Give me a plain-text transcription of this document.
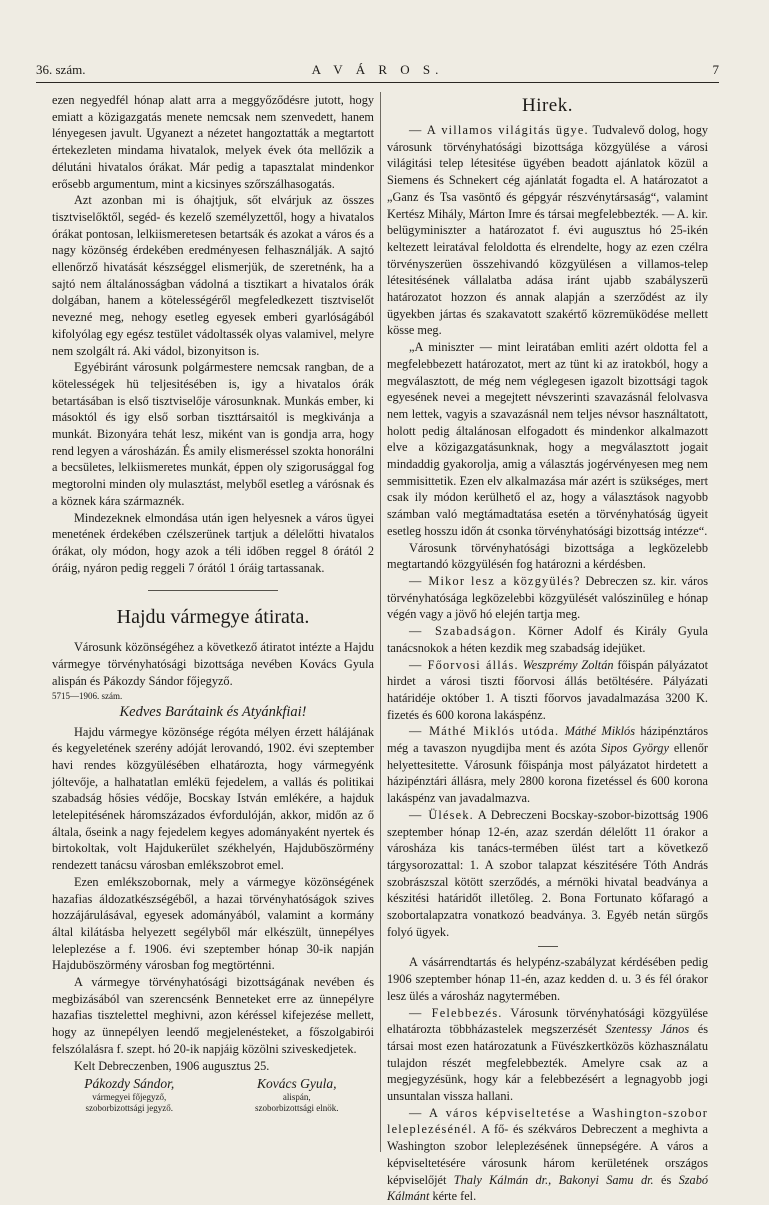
36. szám.	A V Á R O S.	7

ezen negyedfél hónap alatt arra a meggyőződésre jutott, hogy emiatt a közigazgatás menete nemcsak nem szenvedett, hanem lényegesen javult. Ugyanezt a nézetet hangoztatták a megtartott értekezleten mindama hivatalok, melyek évek óta mellőzik a délutáni hivatalos órákat. Már pedig a tapasztalat mindenkor erősebb argumentum, mint a kicsinyes szőrszálhasogatás.

Azt azonban mi is óhajtjuk, sőt elvárjuk az összes tisztviselőktől, segéd- és kezelő személyzettől, hogy a hivatalos órákat pontosan, lelkiismeretesen betartsák és azokat a város és a nagy közönség érdekében eredményesen felhasználják. A sajtó ellenőrző hivatását készséggel elismerjük, de szeretnénk, ha a sajtó nem általánosságban vádolná a tisztikart a hivatalos órák dolgában, hanem a kötelességéről megfeledkezett tisztviselőt nevezné meg, nehogy esetleg egyesek emberi gyarlóságából kifolyólag egy egész testület vádoltassék olyas valamivel, melyre nem szolgált rá. Aki vádol, bizonyitson is.

Egyébiránt városunk polgármestere nemcsak rangban, de a kötelességek hü teljesitésében is, igy a hivatalos órák betartásában is első tisztviselője városunknak. Munkás ember, ki másoktól és igy első sorban tiszttársaitól is megkivánja a munkát. Bizonyára tehát lesz, miként van is gondja arra, hogy rend legyen a városházán. És amily elismeréssel szokta honorálni a becsületes, lelkiismeretes munkát, éppen oly szigorusággal fog megtorolni minden oly mulasztást, melyből esetleg a várósnak és a köznek kára származnék.

Mindezeknek elmondása után igen helyesnek a város ügyei menetének érdekében czélszerünek tartjuk a délelőtti hivatalos órákat, oly módon, hogy azok a téli időben reggel 8 órától 2 óráig, nyáron pedig reggeli 7 órától 1 óráig tartassanak.

Hajdu vármegye átirata.

Városunk közönségéhez a következő átiratot intézte a Hajdu vármegye törvényhatósági bizottsága nevében Kovács Gyula alispán és Pákozdy Sándor főjegyző.

5715—1906. szám.

Kedves Barátaink és Atyánkfiai!

Hajdu vármegye közönsége régóta mélyen érzett hálájának és kegyeletének szerény adóját lerovandó, 1902. évi szeptember havi rendes közgyülésében elhatározta, hogy vármegyénk jóltevője, a halhatatlan emlékü fejedelem, a vallás és politikai szabadság hősies védője, Bocskay István emlékére, a hajduk letelepitésének háromszázados évfordulóján, akkor, midőn az ő általa, őseink a nagy fejedelem kegyes adományaként nyertek és birtokoltak, volt Hajdukerület székhelyén, Hajduböszörmény rendezett tanácsu városban emlékszobrot emel.

Ezen emlékszobornak, mely a vármegye közönségének hazafias áldozatkészségéből, a hazai törvényhatóságok szives hozzájárulásával, egyesek adományából, valamint a kormány által kilátásba helyezett segélyből már elkészült, ünnepélyes leleplezése a f. 1906. évi szeptember hónap 30-ik napján Hajduböszörmény városban fog megtörténni.

A vármegye törvényhatósági bizottságának nevében és megbizásából van szerencsénk Benneteket erre az ünnepélyre hazafias tisztelettel meghivni, azon kéréssel kifejezése mellett, hogy az ünnepélyen leendő megjelenésteket, a főszolgabirói felszólalásra f. szept. hó 20-ik napjáig közölni sziveskedjetek.

Kelt Debreczenben, 1906 augusztus 25.

Pákozdy Sándor,
vármegyei főjegyző,
szoborbizottsági jegyző.
Kovács Gyula,
alispán,
szoborbizottsági elnök.
Hirek.

— A villamos világitás ügye. Tudvalevő dolog, hogy városunk törvényhatósági bizottsága közgyülése a városi világitási telep létesitése ügyében beadott ajánlatok közül a Siemens és Schnekert cég ajánlatát fogadta el. A határozatot a „Ganz és Tsa vasöntő és gépgyár részvénytársaság“, valamint Kertész Mihály, Márton Imre és társai megfelebbezték. — A. kir. belügyminiszter a határozatot f. évi augusztus hó 25-ikén keltezett leiratával feloldotta és elrendelte, hogy az ezen czélra törvényszerüen összehivandó közgyülésen a villamos-telep létesitésének vállalatba adása iránt ujabb szabályszerü határozatot hozzon és annak alapján a szerződést az ily ügyekben jártas és szakavatott szakértő közremüködése mellett kösse meg.

„A miniszter — mint leiratában emliti azért oldotta fel a megfelebbezett határozatot, mert az tünt ki az iratokból, hogy a megválasztott, de még nem véglegesen igazolt bizottsági tagok egyesének nevei a megejtett névszerinti szavazásnál felolvasva nem lettek, vagyis a szavazásnál nem teljes névsor használtatott, holott pedig általánosan elfogadott és mindenkor alkalmazott elve a közigazgatásunknak, hogy a megválasztott jogait mindaddig gyakorolja, amig a választás jogérvényesen meg nem semmisittetik. Ezen elv alkalmazása már azért is szükséges, mert csak ily módon kerülhető el az, hogy a választások nagyobb számban való megtámadtatása esetén a törvényhatóság ügyeit esetleg hosszu időn át csonka törvényhatósági bizottság intézze“.

Városunk törvényhatósági bizottsága a legközelebb megtartandó közgyülésén fog határozni a kérdésben.

— Mikor lesz a közgyülés? Debreczen sz. kir. város törvényhatósága legközelebbi közgyülését valószinüleg e hónap végén vagy a jövő hó elején tartja meg.

— Szabadságon. Körner Adolf és Király Gyula tanácsnokok a héten kezdik meg szabadság idejüket.

— Főorvosi állás. Weszprémy Zoltán főispán pályázatot hirdet a városi tiszti főorvosi állás betöltésére. Pályázati határidéje október 1. A tiszti főorvos javadalmazása 3200 K. fizetés és 600 korona lakáspénz.

— Máthé Miklós utóda. Máthé Miklós házipénztáros még a tavaszon nyugdijba ment és azóta Sipos György ellenőr helyettesitette. Városunk főispánja most pályázatot hirdetett a házipénztári állásra, mely 2800 korona fizetéssel és 600 korona lakáspénz van javadalmazva.

— Ülések. A Debreczeni Bocskay-szobor-bizottság 1906 szeptember hónap 12-én, azaz szerdán délelőtt 11 órakor a városháza kis tanács-termében ülést tart a következő tárgysorozattal: 1. A szobor talapzat készitésére Tóth András szobrászszal kötött szerződés, a mérnöki hivatal beadványa a készitési határidőt illetőleg. 2. Bona Fortunato kőfaragó a szobortalapzatra vonatkozó beadványa. 3. Egyéb netán sürgős folyó ügyek.

A vásárrendtartás és helypénz-szabályzat kérdésében pedig 1906 szeptember hónap 11-én, azaz kedden d. u. 3 és fél órakor lesz ülés a városház nagytermében.

— Felebbezés. Városunk törvényhatósági közgyülése elhatározta többházastelek megszerzését Szentessy János és társai most ezen határozatunk a Füvészkertközös közhasználatu tulajdon részét megfelebbezték. Amelyre csak az a megjegyzésünk, hogy kár a felebbezésért a legnagyobb jogi unsuntalan vissza hallani.

— A város képviseltetése a Washington-szobor leleplezésénél. A fő- és székváros Debreczent a meghivta a Washington szobor leleplezésének ünnepségére. A város a képviseltetésére városunk három kerületének országos képviselőjét Thaly Kálmán dr., Bakonyi Samu dr. és Szabó Kálmánt kérte fel.
